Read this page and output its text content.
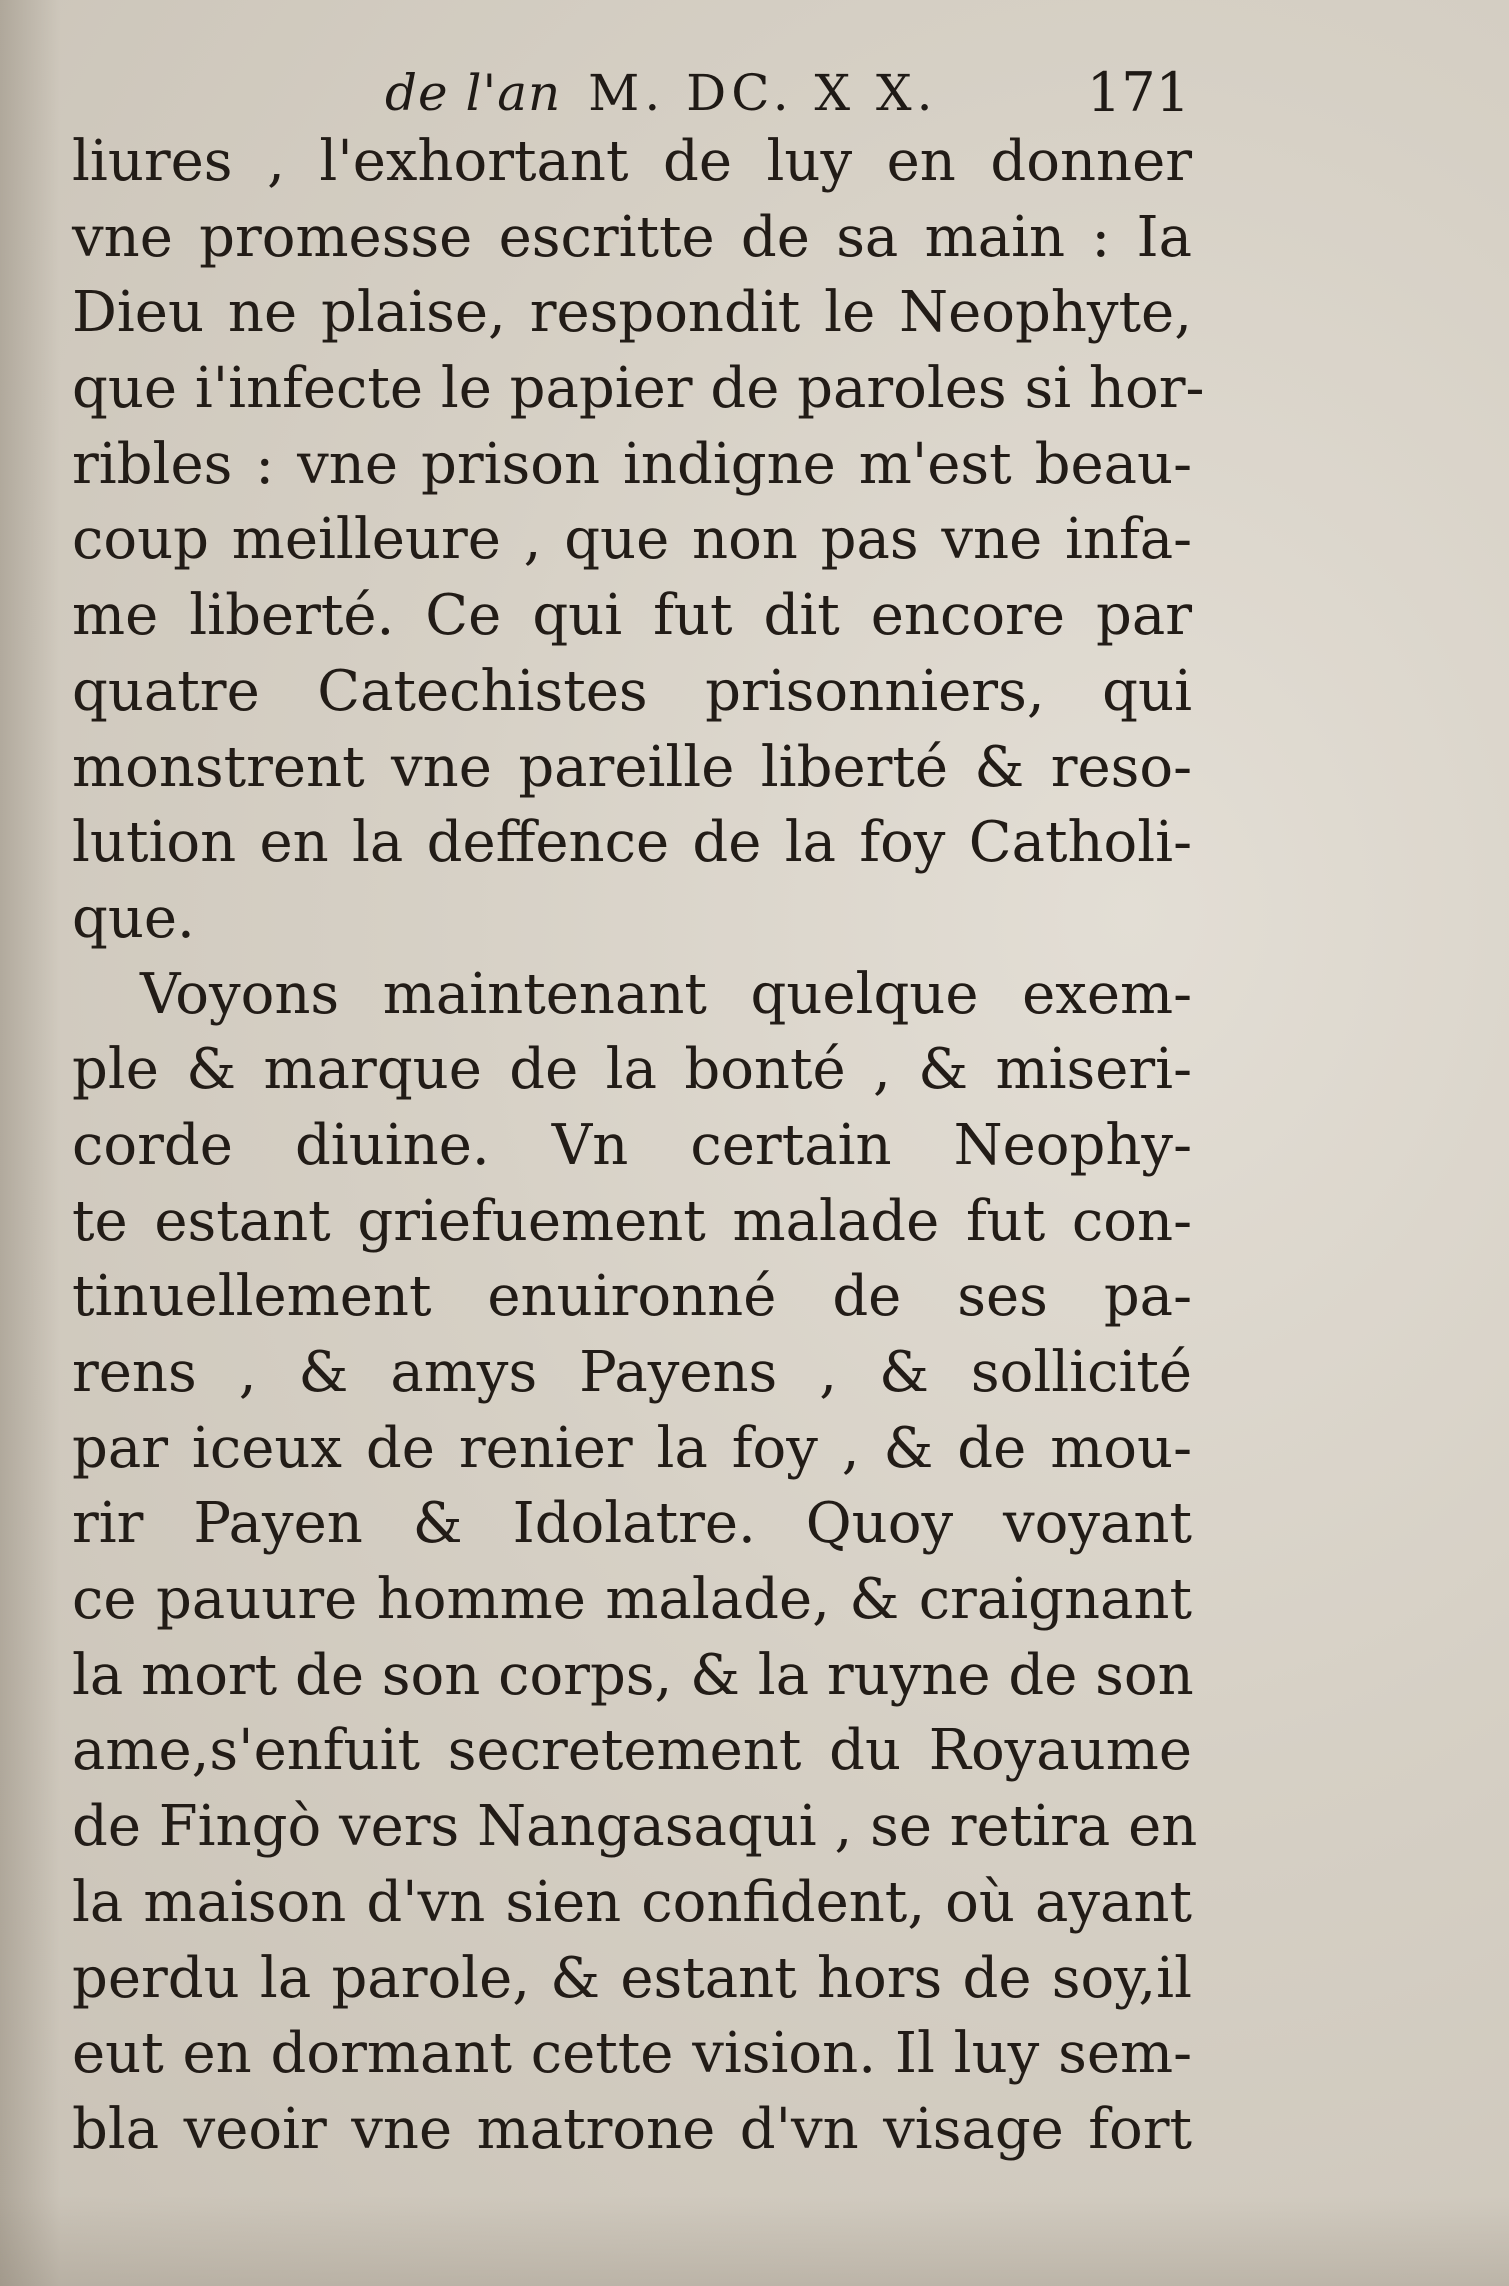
de l'an M. DC. X X.	171
liures , l'exhortant de luy en donner
vne promesse escritte de sa main : Ia
Dieu ne plaise, respondit le Neophyte,
que i'infecte le papier de paroles si hor-
ribles : vne prison indigne m'est beau-
coup meilleure , que non pas vne infa-
me liberté. Ce qui fut dit encore par
quatre Catechistes prisonniers, qui
monstrent vne pareille liberté & reso-
lution en la deffence de la foy Catholi-
que.
Voyons maintenant quelque exem-
ple & marque de la bonté , & miseri-
corde diuine. Vn certain Neophy-
te estant griefuement malade fut con-
tinuellement enuironné de ses pa-
rens , & amys Payens , & sollicité
par iceux de renier la foy , & de mou-
rir Payen & Idolatre. Quoy voyant
ce pauure homme malade, & craignant
la mort de son corps, & la ruyne de son
ame,s'enfuit secretement du Royaume
de Fingò vers Nangasaqui , se retira en
la maison d'vn sien confident, où ayant
perdu la parole, & estant hors de soy,il
eut en dormant cette vision. Il luy sem-
bla veoir vne matrone d'vn visage fort
